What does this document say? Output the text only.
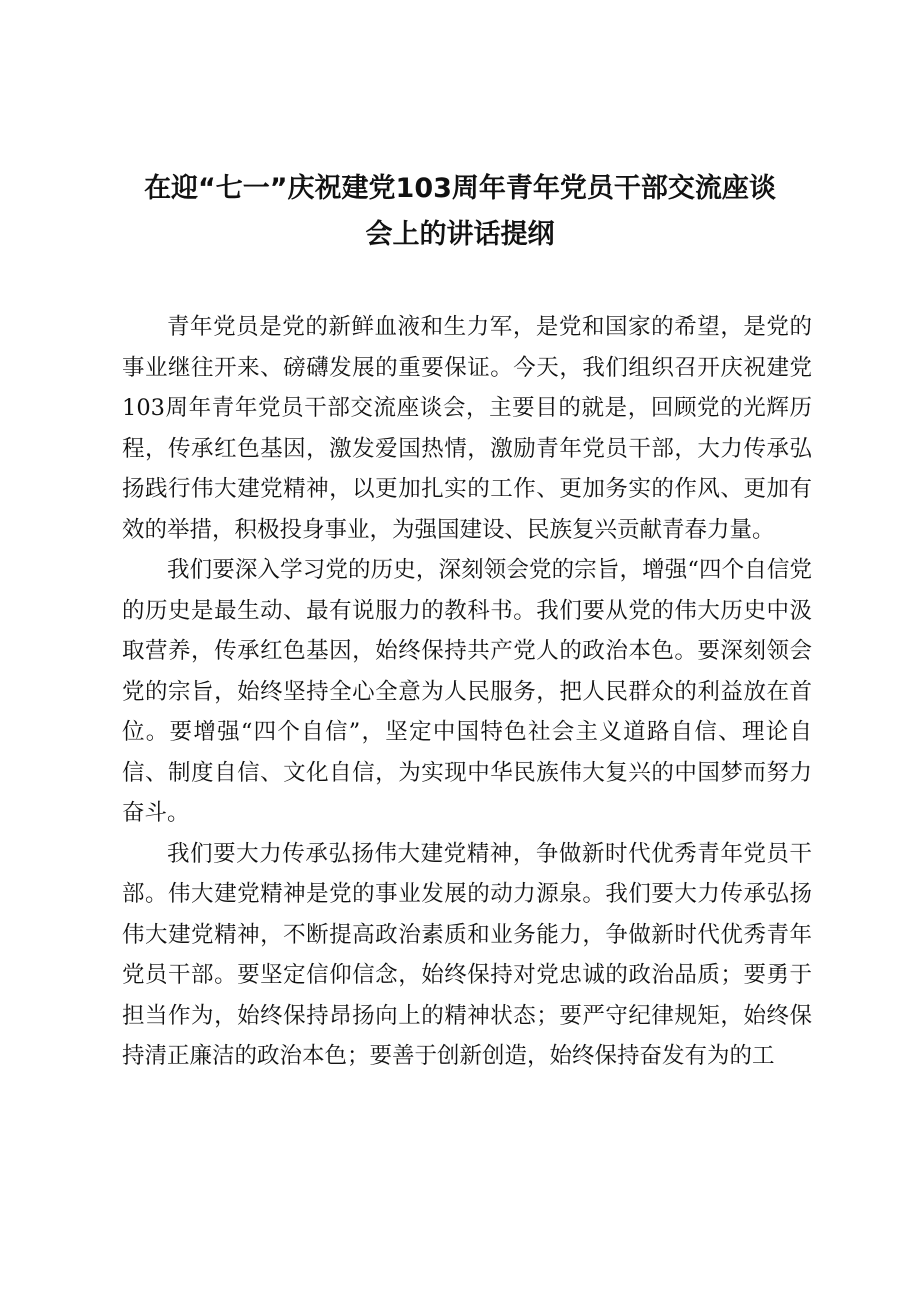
在迎“七一”庆祝建党103周年青年党员干部交流座谈
会上的讲话提纲

青年党员是党的新鲜血液和生力军，是党和国家的希望，是党的事业继往开来、磅礴发展的重要保证。今天，我们组织召开庆祝建党103周年青年党员干部交流座谈会，主要目的就是，回顾党的光辉历程，传承红色基因，激发爱国热情，激励青年党员干部，大力传承弘扬践行伟大建党精神，以更加扎实的工作、更加务实的作风、更加有效的举措，积极投身事业，为强国建设、民族复兴贡献青春力量。

我们要深入学习党的历史，深刻领会党的宗旨，增强“四个自信党的历史是最生动、最有说服力的教科书。我们要从党的伟大历史中汲取营养，传承红色基因，始终保持共产党人的政治本色。要深刻领会党的宗旨，始终坚持全心全意为人民服务，把人民群众的利益放在首位。要增强“四个自信”，坚定中国特色社会主义道路自信、理论自信、制度自信、文化自信，为实现中华民族伟大复兴的中国梦而努力奋斗。

我们要大力传承弘扬伟大建党精神，争做新时代优秀青年党员干部。伟大建党精神是党的事业发展的动力源泉。我们要大力传承弘扬伟大建党精神，不断提高政治素质和业务能力，争做新时代优秀青年党员干部。要坚定信仰信念，始终保持对党忠诚的政治品质；要勇于担当作为，始终保持昂扬向上的精神状态；要严守纪律规矩，始终保持清正廉洁的政治本色；要善于创新创造，始终保持奋发有为的工
